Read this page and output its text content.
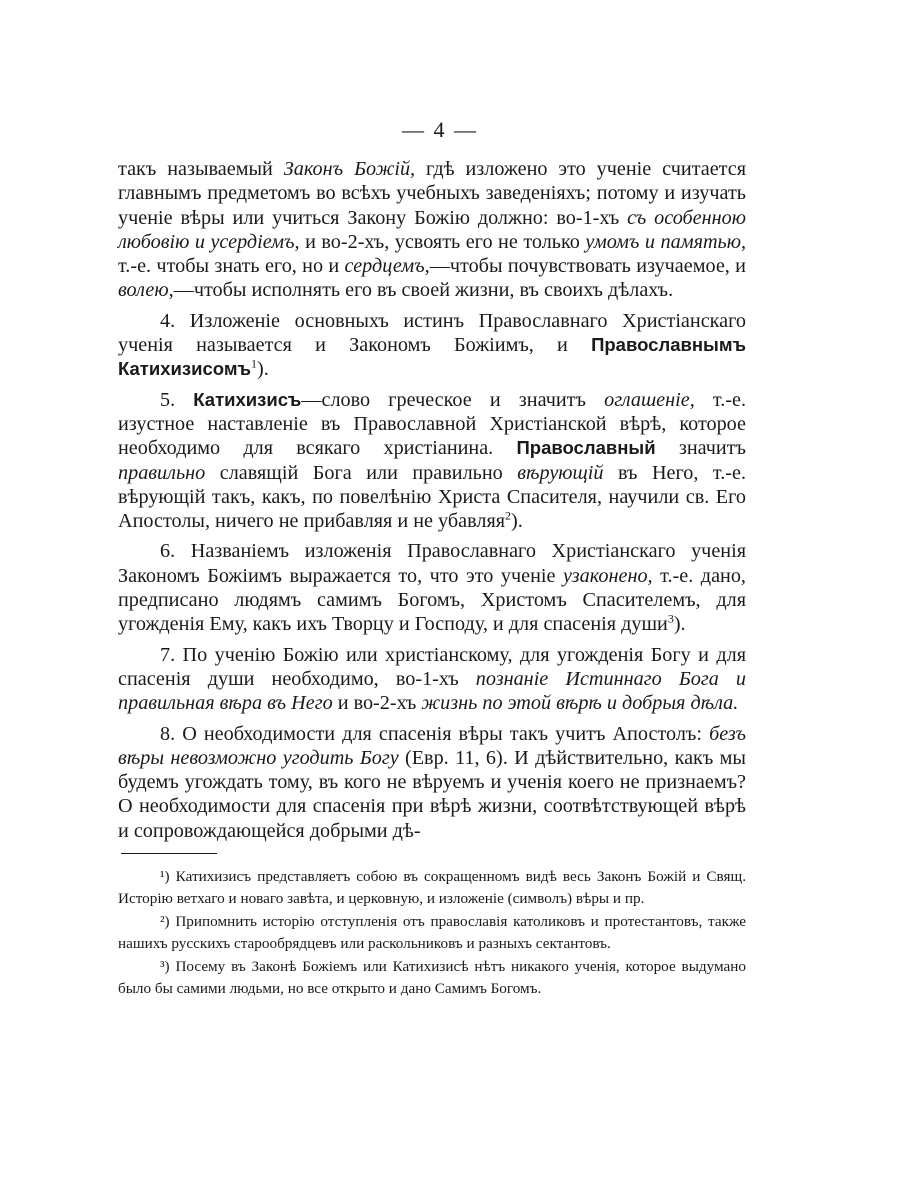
— 4 —

такъ называемый Законъ Божій, гдѣ изложено это ученіе считается главнымъ предметомъ во всѣхъ учебныхъ заведеніяхъ; потому и изучать ученіе вѣры или учиться Закону Божію должно: во-1-хъ съ особенною любовію и усердіемъ, и во-2-хъ, усвоять его не только умомъ и памятью, т.-е. чтобы знать его, но и сердцемъ,—чтобы почувствовать изучаемое, и волею,—чтобы исполнять его въ своей жизни, въ своихъ дѣлахъ.

4. Изложеніе основныхъ истинъ Православнаго Христіанскаго ученія называется и Закономъ Божіимъ, и Православнымъ Катихизисомъ$^1$).

5. Катихизисъ—слово греческое и значитъ оглашеніе, т.-е. изустное наставленіе въ Православной Христіанской вѣрѣ, которое необходимо для всякаго христіанина. Православный значитъ правильно славящій Бога или правильно вѣрующій въ Него, т.-е. вѣрующій такъ, какъ, по повелѣнію Христа Спасителя, научили св. Его Апостолы, ничего не прибавляя и не убавляя$^2$).

6. Названіемъ изложенія Православнаго Христіанскаго ученія Закономъ Божіимъ выражается то, что это ученіе узаконено, т.-е. дано, предписано людямъ самимъ Богомъ, Христомъ Спасителемъ, для угожденія Ему, какъ ихъ Творцу и Господу, и для спасенія души$^3$).

7. По ученію Божію или христіанскому, для угожденія Богу и для спасенія души необходимо, во-1-хъ познаніе Истиннаго Бога и правильная вѣра въ Него и во-2-хъ жизнь по этой вѣрѣ и добрыя дѣла.

8. О необходимости для спасенія вѣры такъ учитъ Апостолъ: безъ вѣры невозможно угодить Богу (Евр. 11, 6). И дѣйствительно, какъ мы будемъ угождать тому, въ кого не вѣруемъ и ученія коего не признаемъ? О необходимости для спасенія при вѣрѣ жизни, соотвѣтствующей вѣрѣ и сопровождающейся добрыми дѣ-

¹) Катихизисъ представляетъ собою въ сокращенномъ видѣ весь Законъ Божій и Свящ. Исторію ветхаго и новаго завѣта, и церковную, и изложеніе (символъ) вѣры и пр.

²) Припомнить исторію отступленія отъ православія католиковъ и протестантовъ, также нашихъ русскихъ старообрядцевъ или раскольниковъ и разныхъ сектантовъ.

³) Посему въ Законѣ Божіемъ или Катихизисѣ нѣтъ никакого ученія, которое выдумано было бы самими людьми, но все открыто и дано Самимъ Богомъ.
